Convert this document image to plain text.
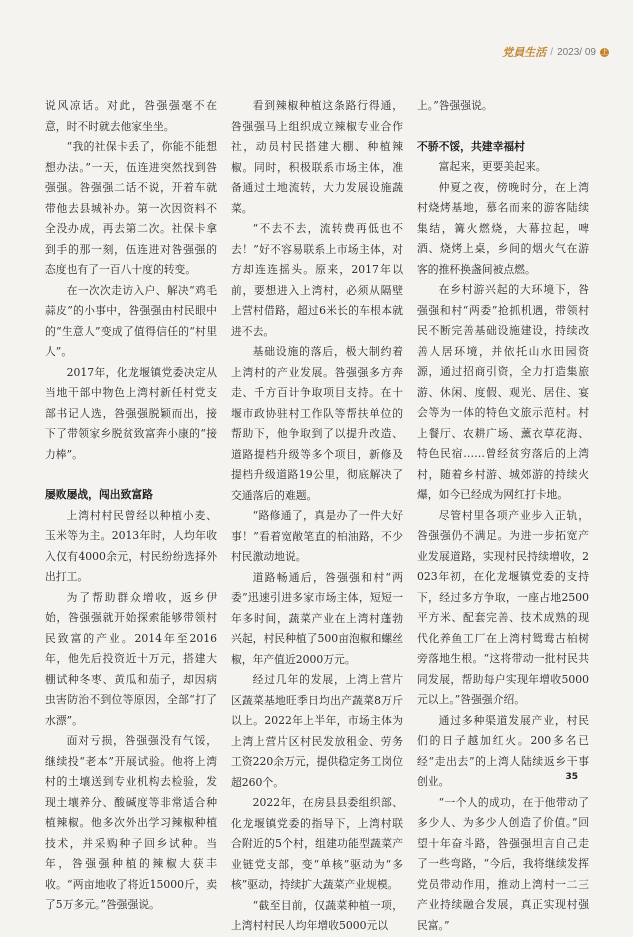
党員生活 / 2023/ 09 上

说风凉话。对此，咎强强毫不在意，时不时就去他家坐坐。

“我的社保卡丢了，你能不能想想办法。”一天，伍连进突然找到咎强强。咎强强二话不说，开着车就带他去县城补办。第一次因资料不全没办成，再去第二次。社保卡拿到手的那一刻，伍连进对咎强强的态度也有了一百八十度的转变。

在一次次走访入户、解决“鸡毛蒜皮”的小事中，咎强强由村民眼中的“生意人”变成了值得信任的“村里人”。

2017年，化龙堰镇党委决定从当地干部中物色上湾村新任村党支部书记人选，咎强强脱颖而出，接下了带领家乡脱贫致富奔小康的“接力棒”。

屡败屡战，闯出致富路

上湾村村民曾经以种植小麦、玉米等为主。2013年时，人均年收入仅有4000余元，村民纷纷选择外出打工。

为了帮助群众增收，返乡伊始，咎强强就开始探索能够带领村民致富的产业。2014年至2016年，他先后投资近十万元，搭建大棚试种冬枣、黄瓜和茄子，却因病虫害防治不到位等原因，全部“打了水漂”。

面对亏损，咎强强没有气馁，继续投“老本”开展试验。他将上湾村的土壤送到专业机构去检验，发现土壤养分、酸碱度等非常适合种植辣椒。他多次外出学习辣椒种植技术，并采购种子回乡试种。当年，咎强强种植的辣椒大获丰收。“两亩地收了将近15000斤，卖了5万多元。”咎强强说。

看到辣椒种植这条路行得通，咎强强马上组织成立辣椒专业合作社，动员村民搭建大棚、种植辣椒。同时，积极联系市场主体，准备通过土地流转，大力发展设施蔬菜。

“不去不去，流转费再低也不去！”好不容易联系上市场主体，对方却连连摇头。原来，2017年以前，要想进入上湾村，必须从隔壁上营村借路，超过6米长的车根本就进不去。

基础设施的落后，极大制约着上湾村的产业发展。咎强强多方奔走、千方百计争取项目支持。在十堰市政协驻村工作队等帮扶单位的帮助下，他争取到了以提升改造、道路提档升级等多个项目，新修及提档升级道路19公里，彻底解决了交通落后的难题。

“路修通了，真是办了一件大好事！”看着宽敞笔直的柏油路，不少村民激动地说。

道路畅通后，咎强强和村“两委”迅速引进多家市场主体，短短一年多时间，蔬菜产业在上湾村蓬勃兴起，村民种植了500亩泡椒和螺丝椒，年产值近2000万元。

经过几年的发展，上湾上营片区蔬菜基地旺季日均出产蔬菜8万斤以上。2022年上半年，市场主体为上湾上营片区村民发放租金、劳务工资220余万元，提供稳定务工岗位超260个。

2022年，在房县县委组织部、化龙堰镇党委的指导下，上湾村联合附近的5个村，组建功能型蔬菜产业链党支部，变“单核”驱动为“多核”驱动，持续扩大蔬菜产业规模。

“截至目前，仅蔬菜种植一项，上湾村村民人均年增收5000元以

上。”咎强强说。

不骄不馁，共建幸福村

富起来，更要美起来。

仲夏之夜，傍晚时分，在上湾村烧烤基地，慕名而来的游客陆续集结，篝火燃烧，大幕拉起，啤酒、烧烤上桌，乡间的烟火气在游客的推杯换盏间被点燃。

在乡村游兴起的大环境下，咎强强和村“两委”抢抓机遇，带领村民不断完善基础设施建设，持续改善人居环境，并依托山水田园资源，通过招商引资，全力打造集旅游、休闲、度假、观光、居住、宴会等为一体的特色文旅示范村。村上餐厅、农耕广场、薰衣草花海、特色民宿……曾经贫穷落后的上湾村，随着乡村游、城郊游的持续火爆，如今已经成为网红打卡地。

尽管村里各项产业步入正轨，咎强强仍不满足。为进一步拓宽产业发展道路，实现村民持续增收，2023年初，在化龙堰镇党委的支持下，经过多方争取，一座占地2500平方米、配套完善、技术成熟的现代化养鱼工厂在上湾村鸳鸯古柏树旁落地生根。“这将带动一批村民共同发展，帮助每户实现年增收5000元以上。”咎强强介绍。

通过多种渠道发展产业，村民们的日子越加红火。200多名已经“走出去”的上湾人陆续返乡干事创业。

“一个人的成功，在于他带动了多少人、为多少人创造了价值。”回望十年奋斗路，咎强强坦言自己走了一些弯路，“今后，我将继续发挥党员带动作用，推动上湾村一二三产业持续融合发展，真正实现村强民富。”

35
